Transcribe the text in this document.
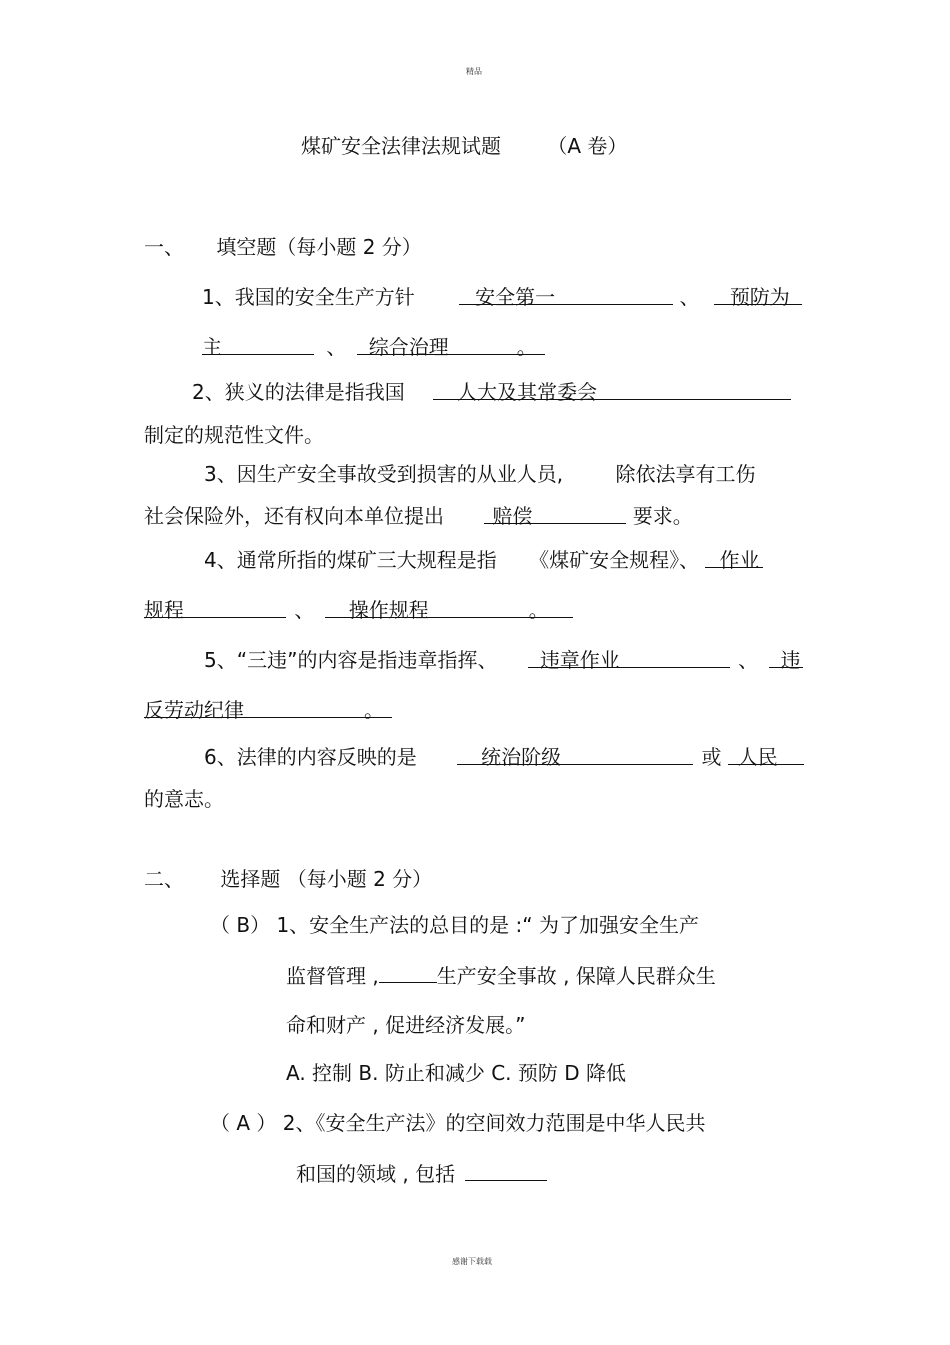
精品
煤矿安全法律法规试题 （A 卷）
一、 填空题（每小题 2 分）
1、我国的安全生产方针	安全第一	、 预防为
主	、 综合治理	。
2、狭义的法律是指我国	人大及其常委会
制定的规范性文件。
3、因生产安全事故受到损害的从业人员,	除依法享有工伤
社会保险外，还有权向本单位提出 赔偿	要求。
4、通常所指的煤矿三大规程是指 《煤矿安全规程》、 作业
规程	、 操作规程	。
5、“三违”的内容是指违章指挥、 违章作业	、 违
反劳动纪律	。
6、法律的内容反映的是	统治阶级	或 人民
的意志。
二、 选择题 （每小题 2 分）
（ B） 1、安全生产法的总目的是 :“ 为了加强安全生产
监督管理 ,	生产安全事故 , 保障人民群众生
命和财产 , 促进经济发展。”
A. 控制 B. 防止和减少 C. 预防 D 降低
（ A ） 2、《安全生产法》的空间效力范围是中华人民共
和国的领域 , 包括
感谢下载载
